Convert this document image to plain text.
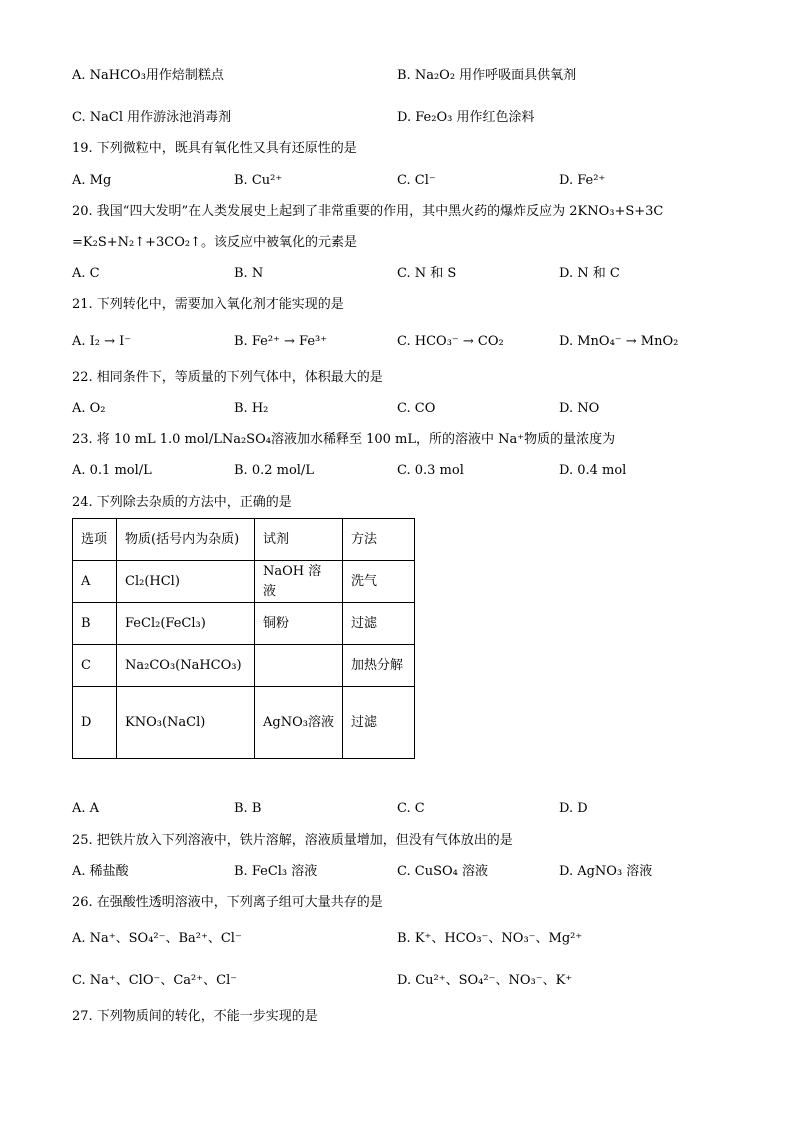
A. NaHCO₃用作焙制糕点	B. Na₂O₂ 用作呼吸面具供氧剂
C. NaCl 用作游泳池消毒剂	D. Fe₂O₃ 用作红色涂料
19. 下列微粒中，既具有氧化性又具有还原性的是
A. Mg	B. Cu²⁺	C. Cl⁻	D. Fe²⁺
20. 我国“四大发明”在人类发展史上起到了非常重要的作用，其中黑火药的爆炸反应为 2KNO₃+S+3C
=K₂S+N₂↑+3CO₂↑。该反应中被氧化的元素是
A. C	B. N	C. N 和 S	D. N 和 C
21. 下列转化中，需要加入氧化剂才能实现的是
A. I₂ → I⁻	B. Fe²⁺ → Fe³⁺	C. HCO₃⁻ → CO₂	D. MnO₄⁻ → MnO₂
22. 相同条件下，等质量的下列气体中，体积最大的是
A. O₂	B. H₂	C. CO	D. NO
23. 将 10 mL 1.0 mol/LNa₂SO₄溶液加水稀释至 100 mL，所的溶液中 Na⁺物质的量浓度为
A. 0.1 mol/L	B. 0.2 mol/L	C. 0.3 mol	D. 0.4 mol
24. 下列除去杂质的方法中，正确的是
选项	物质(括号内为杂质)	试剂	方法
A	Cl₂(HCl)	NaOH 溶液	洗气
B	FeCl₂(FeCl₃)	铜粉	过滤
C	Na₂CO₃(NaHCO₃)		加热分解
D	KNO₃(NaCl)	AgNO₃溶液	过滤
A. A	B. B	C. C	D. D
25. 把铁片放入下列溶液中，铁片溶解，溶液质量增加，但没有气体放出的是
A. 稀盐酸	B. FeCl₃ 溶液	C. CuSO₄ 溶液	D. AgNO₃ 溶液
26. 在强酸性透明溶液中，下列离子组可大量共存的是
A. Na⁺、SO₄²⁻、Ba²⁺、Cl⁻	B. K⁺、HCO₃⁻、NO₃⁻、Mg²⁺
C. Na⁺、ClO⁻、Ca²⁺、Cl⁻	D. Cu²⁺、SO₄²⁻、NO₃⁻、K⁺
27. 下列物质间的转化，不能一步实现的是
